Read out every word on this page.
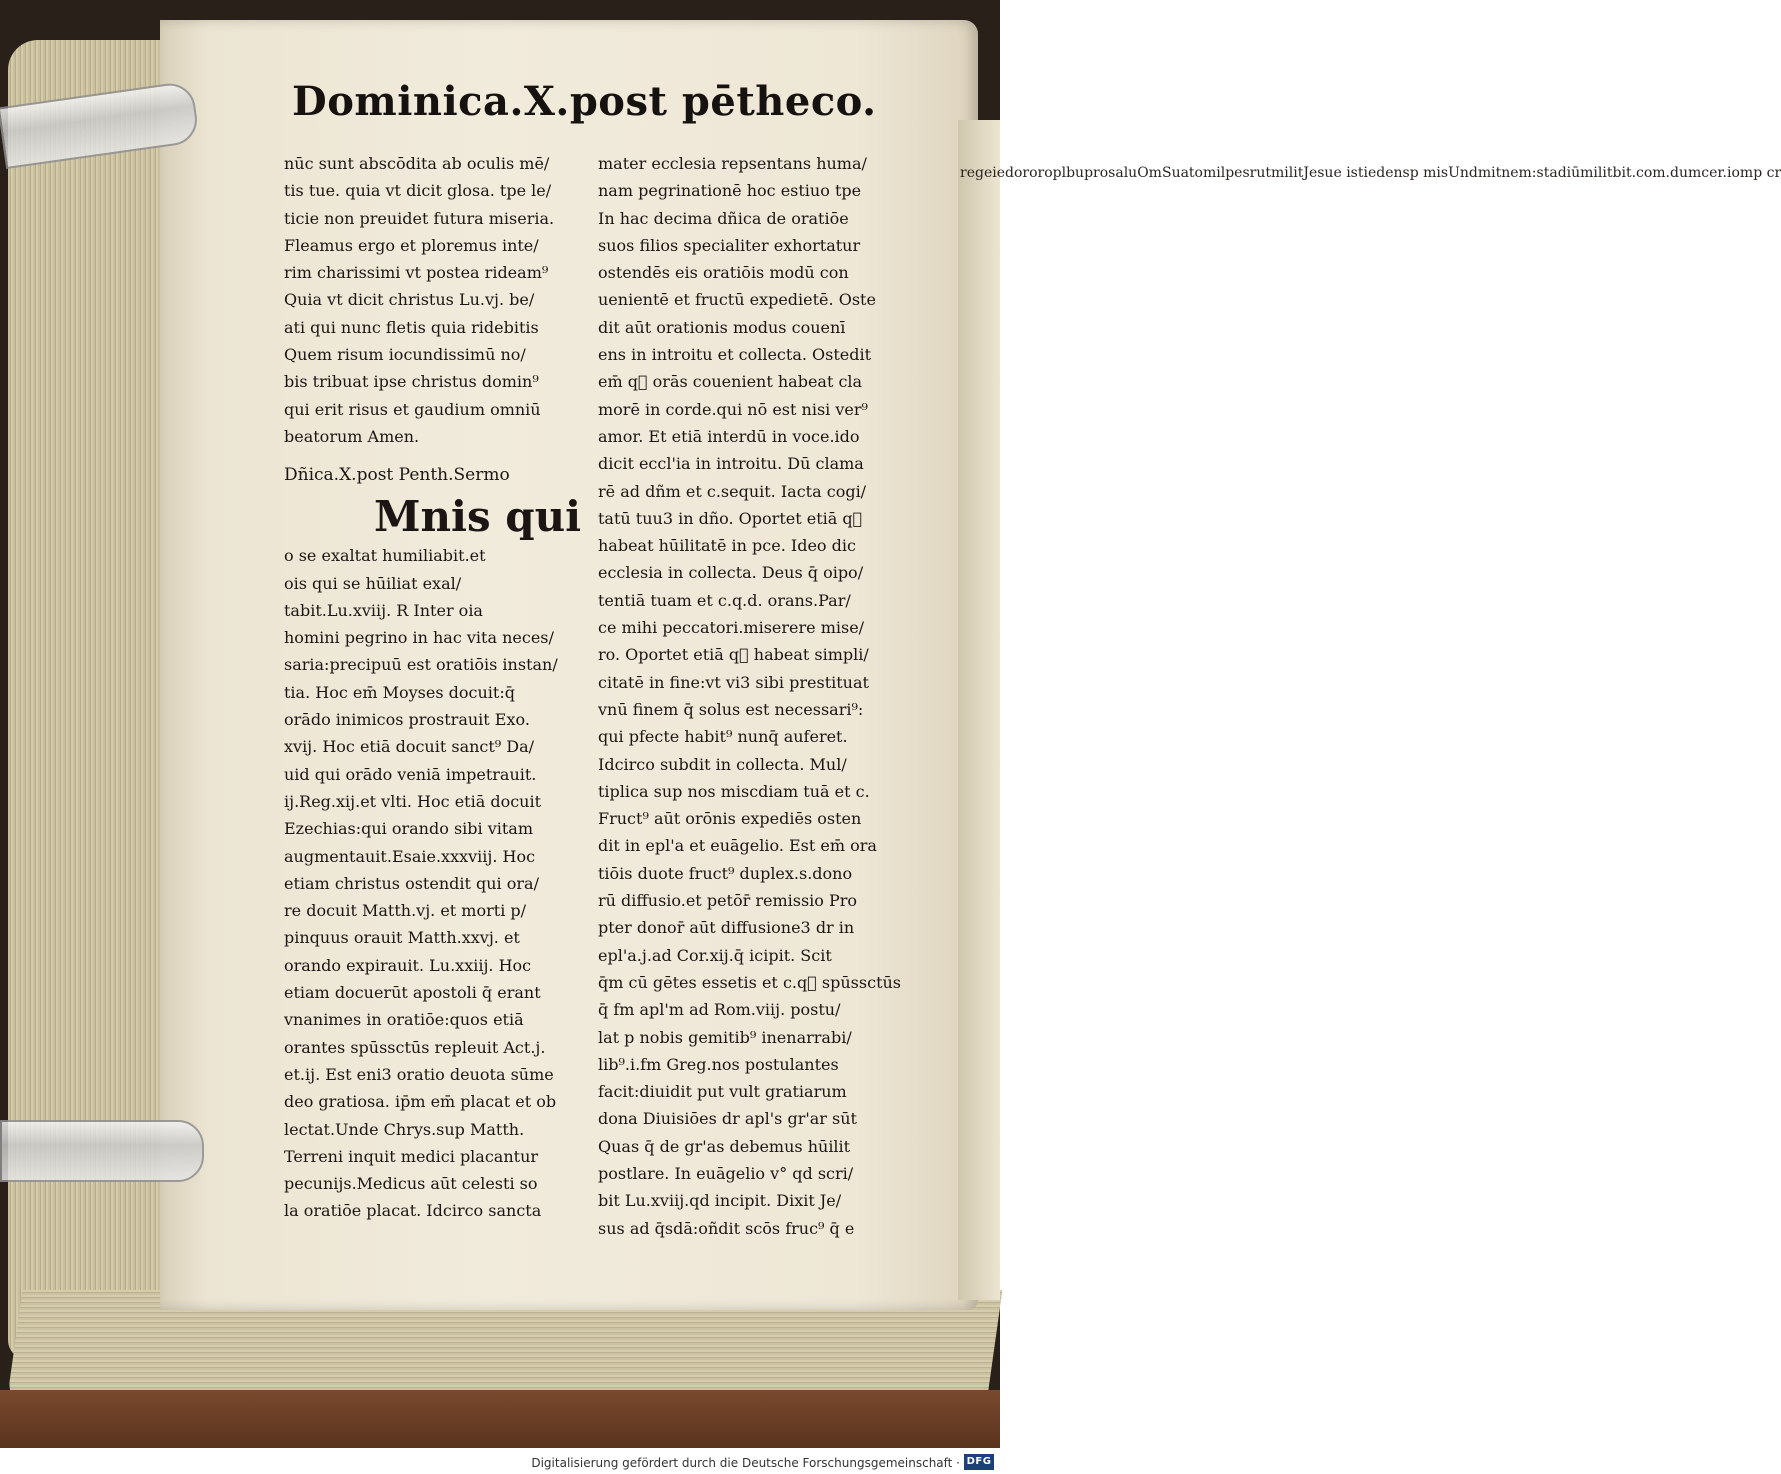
Dominica.X.post pētheco.
nūc sunt abscōdita ab oculis mē/
tis tue. quia vt dicit glosa. tpe le/
ticie non preuidet futura miseria.
Fleamus ergo et ploremus inte/
rim charissimi vt postea rideam⁹
Quia vt dicit christus Lu.vj. be/
ati qui nunc fletis quia ridebitis
Quem risum iocundissimū no/
bis tribuat ipse christus domin⁹
qui erit risus et gaudium omniū
beatorum Amen.
Dñica.X.post Penth.Sermo
Mnis qui
o se exaltat humiliabit.et
ois qui se hūiliat exal/
tabit.Lu.xviij. R Inter oia
homini pegrino in hac vita neces/
saria:precipuū est oratiōis instan/
tia. Hoc em̄ Moyses docuit:q̄
orādo inimicos prostrauit Exo.
xvij. Hoc etiā docuit sanct⁹ Da/
uid qui orādo veniā impetrauit.
ij.Reg.xij.et vlti. Hoc etiā docuit
Ezechias:qui orando sibi vitam
augmentauit.Esaie.xxxviij. Hoc
etiam christus ostendit qui ora/
re docuit Matth.vj. et morti p/
pinquus orauit Matth.xxvj. et
orando expirauit. Lu.xxiij. Hoc
etiam docuerūt apostoli q̄ erant
vnanimes in oratiōe:quos etiā
orantes spūssctūs repleuit Act.j.
et.ij. Est eni3 oratio deuota sūme
deo gratiosa. ip̄m em̄ placat et ob
lectat.Unde Chrys.sup Matth.
Terreni inquit medici placantur
pecunijs.Medicus aūt celesti so
la oratiōe placat. Idcirco sancta
mater ecclesia repsentans huma/
nam pegrinationē hoc estiuo tpe
In hac decima dñica de oratiōe
suos filios specialiter exhortatur
ostendēs eis oratiōis modū con
uenientē et fructū expedietē. Oste
dit aūt orationis modus couenī
ens in introitu et collecta. Ostedit
em̄ q᷑ orās couenient habeat cla
morē in corde.qui nō est nisi ver⁹
amor. Et etiā interdū in voce.ido
dicit eccl'ia in introitu. Dū clama
rē ad dñm et c.sequit. Iacta cogi/
tatū tuu3 in dño. Oportet etiā q᷑
habeat hūilitatē in pce. Ideo dic
ecclesia in collecta. Deus q̄ oipo/
tentiā tuam et c.q.d. orans.Par/
ce mihi peccatori.miserere mise/
ro. Oportet etiā q᷑ habeat simpli/
citatē in fine:vt vi3 sibi prestituat
vnū finem q̄ solus est necessari⁹:
qui pfecte habit⁹ nunq̄ auferet.
Idcirco subdit in collecta. Mul/
tiplica sup nos miscdiam tuā et c.
Fruct⁹ aūt orōnis expediēs osten
dit in epl'a et euāgelio. Est em̄ ora
tiōis duote fruct⁹ duplex.s.dono
rū diffusio.et petōr̄ remissio Pro
pter donor̄ aūt diffusione3 dr in
epl'a.j.ad Cor.xij.q̄ icipit. Scit
q̄m cū gētes essetis et c.q᷑ spūssctūs
q̄ fm apl'm ad Rom.viij. postu/
lat p nobis gemitib⁹ inenarrabi/
lib⁹.i.fm Greg.nos postulantes
facit:diuidit put vult gratiarum
dona Diuisiōes dr apl's gr'ar sūt
Quas q̄ de gr'as debemus hūilit
postlare. In euāgelio v° qd scri/
bit Lu.xviij.qd incipit. Dixit Je/
sus ad q̄sdā:oñdit scōs fruc⁹ q̄ e
regeiedororoplbuprosaluOmSuatomilpesrutmilitJesue istiedensp misUndmitnem:stadiūmilitbit.com.dumcer.iomp cr
Digitalisierung gefördert durch die Deutsche Forschungsgemeinschaft · DFG
